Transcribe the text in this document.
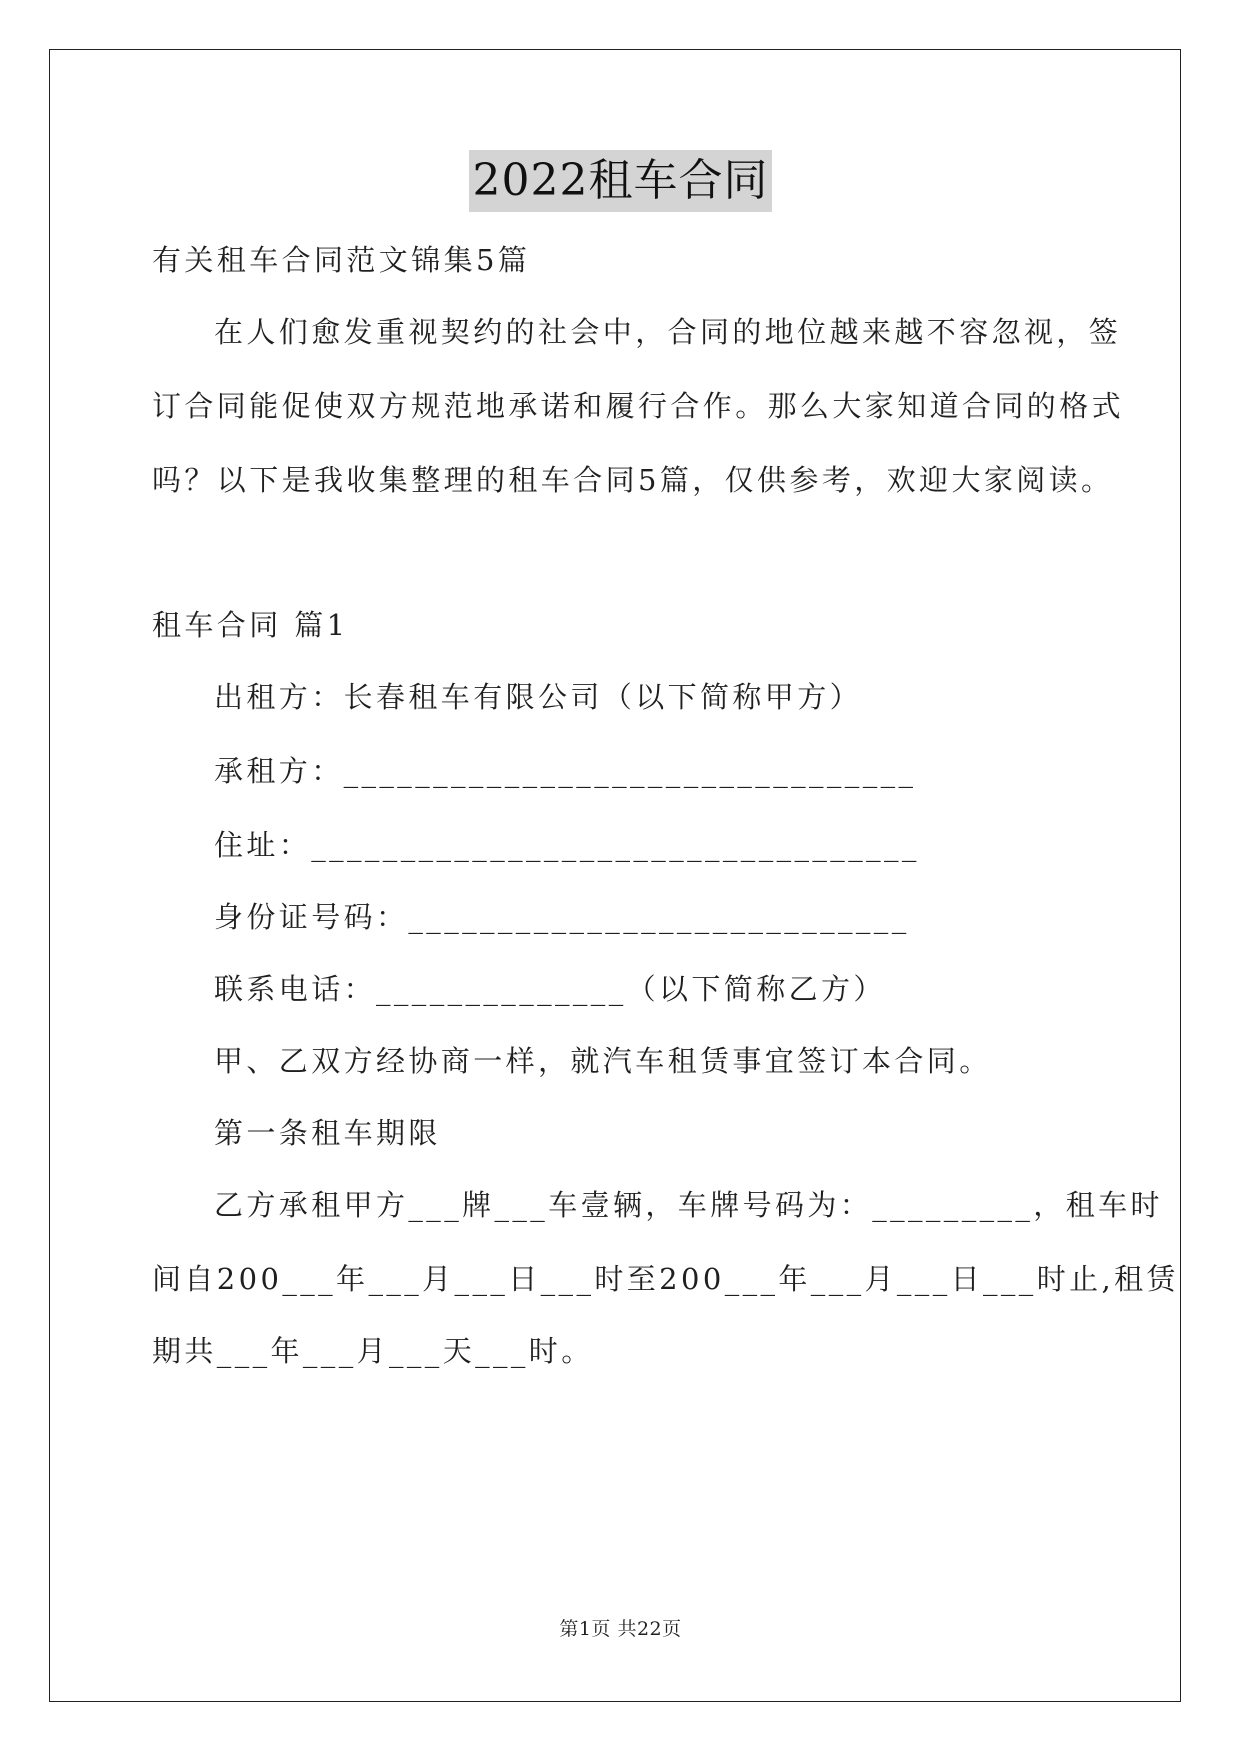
2022租车合同
有关租车合同范文锦集5篇
在人们愈发重视契约的社会中，合同的地位越来越不容忽视，签
订合同能促使双方规范地承诺和履行合作。那么大家知道合同的格式
吗？以下是我收集整理的租车合同5篇，仅供参考，欢迎大家阅读。
租车合同 篇1
出租方：长春租车有限公司（以下简称甲方）
承租方：________________________________
住址：__________________________________
身份证号码：____________________________
联系电话：______________（以下简称乙方）
甲、乙双方经协商一样，就汽车租赁事宜签订本合同。
第一条租车期限
乙方承租甲方___牌___车壹辆，车牌号码为：_________，租车时
间自200___年___月___日___时至200___年___月___日___时止,租赁
期共___年___月___天___时。
第1页 共22页
